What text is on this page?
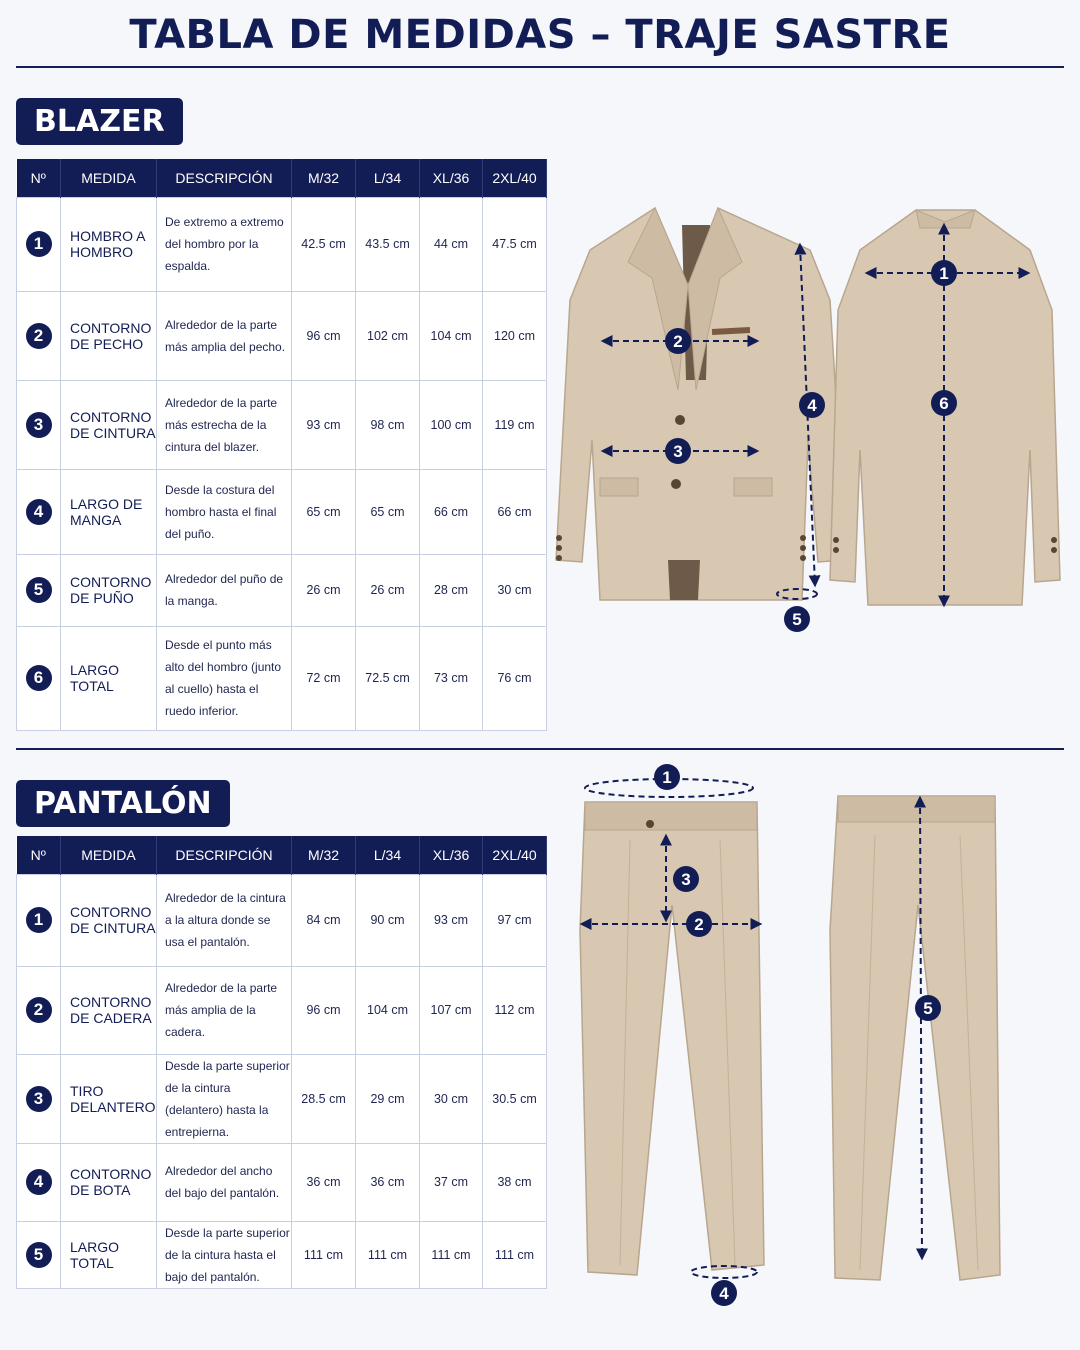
TABLA DE MEDIDAS – TRAJE SASTRE
BLAZER
Nº	MEDIDA	DESCRIPCIÓN	M/32	L/34	XL/36	2XL/40
1	HOMBRO A HOMBRO	De extremo a extremo del hombro por la espalda.	42.5 cm	43.5 cm	44 cm	47.5 cm
2	CONTORNO DE PECHO	Alrededor de la parte más amplia del pecho.	96 cm	102 cm	104 cm	120 cm
3	CONTORNO DE CINTURA	Alrededor de la parte más estrecha de la cintura del blazer.	93 cm	98 cm	100 cm	119 cm
4	LARGO DE MANGA	Desde la costura del hombro hasta el final del puño.	65 cm	65 cm	66 cm	66 cm
5	CONTORNO DE PUÑO	Alrededor del puño de la manga.	26 cm	26 cm	28 cm	30 cm
6	LARGO TOTAL	Desde el punto más alto del hombro (junto al cuello) hasta el ruedo inferior.	72 cm	72.5 cm	73 cm	76 cm
PANTALÓN
Nº	MEDIDA	DESCRIPCIÓN	M/32	L/34	XL/36	2XL/40
1	CONTORNO DE CINTURA	Alrededor de la cintura a la altura donde se usa el pantalón.	84 cm	90 cm	93 cm	97 cm
2	CONTORNO DE CADERA	Alrededor de la parte más amplia de la cadera.	96 cm	104 cm	107 cm	112 cm
3	TIRO DELANTERO	Desde la parte superior de la cintura (delantero) hasta la entrepierna.	28.5 cm	29 cm	30 cm	30.5 cm
4	CONTORNO DE BOTA	Alrededor del ancho del bajo del pantalón.	36 cm	36 cm	37 cm	38 cm
5	LARGO TOTAL	Desde la parte superior de la cintura hasta el bajo del pantalón.	111 cm	111 cm	111 cm	111 cm
2
3
4
5
1
6
1
3
2
4
5
